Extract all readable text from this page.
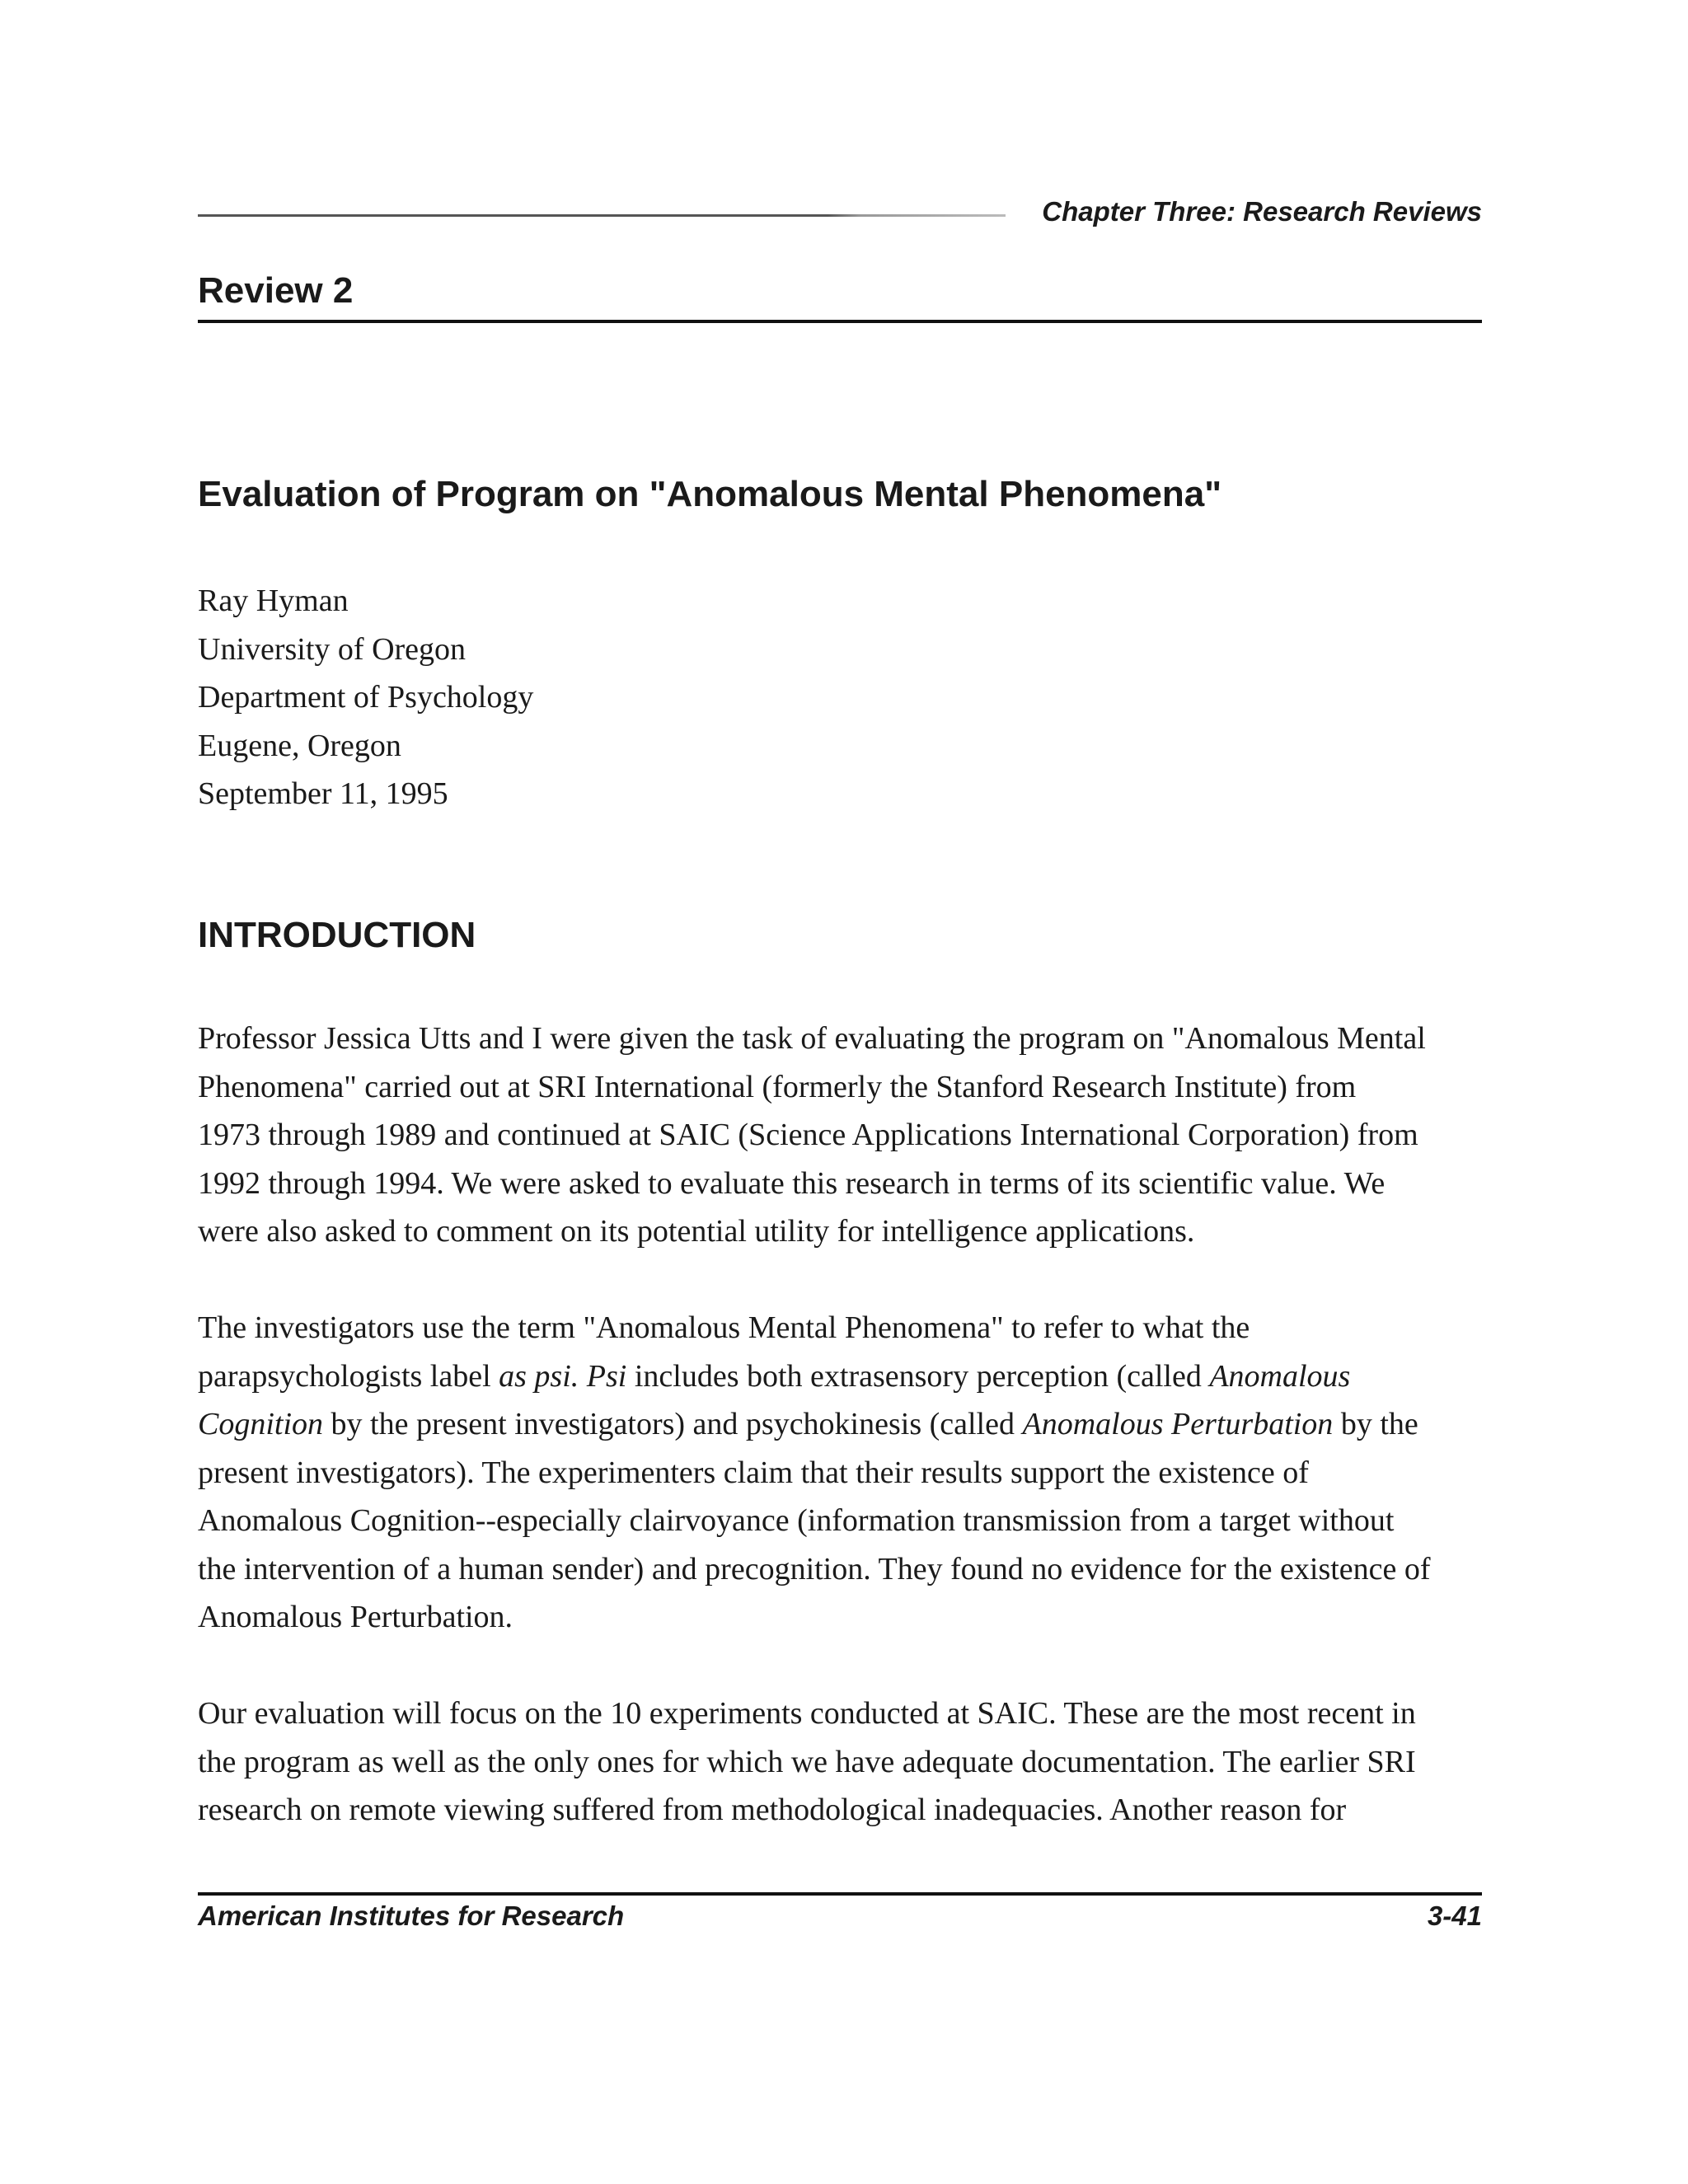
Chapter Three: Research Reviews
Review 2
Evaluation of Program on "Anomalous Mental Phenomena"
Ray Hyman
University of Oregon
Department of Psychology
Eugene, Oregon
September 11, 1995
INTRODUCTION
Professor Jessica Utts and I were given the task of evaluating the program on "Anomalous Mental
Phenomena" carried out at SRI International (formerly the Stanford Research Institute) from
1973 through 1989 and continued at SAIC (Science Applications International Corporation) from
1992 through 1994. We were asked to evaluate this research in terms of its scientific value. We
were also asked to comment on its potential utility for intelligence applications.
The investigators use the term "Anomalous Mental Phenomena" to refer to what the
parapsychologists label as psi. Psi includes both extrasensory perception (called Anomalous
Cognition by the present investigators) and psychokinesis (called Anomalous Perturbation by the
present investigators). The experimenters claim that their results support the existence of
Anomalous Cognition--especially clairvoyance (information transmission from a target without
the intervention of a human sender) and precognition. They found no evidence for the existence of
Anomalous Perturbation.
Our evaluation will focus on the 10 experiments conducted at SAIC. These are the most recent in
the program as well as the only ones for which we have adequate documentation. The earlier SRI
research on remote viewing suffered from methodological inadequacies. Another reason for
American Institutes for Research	3-41
